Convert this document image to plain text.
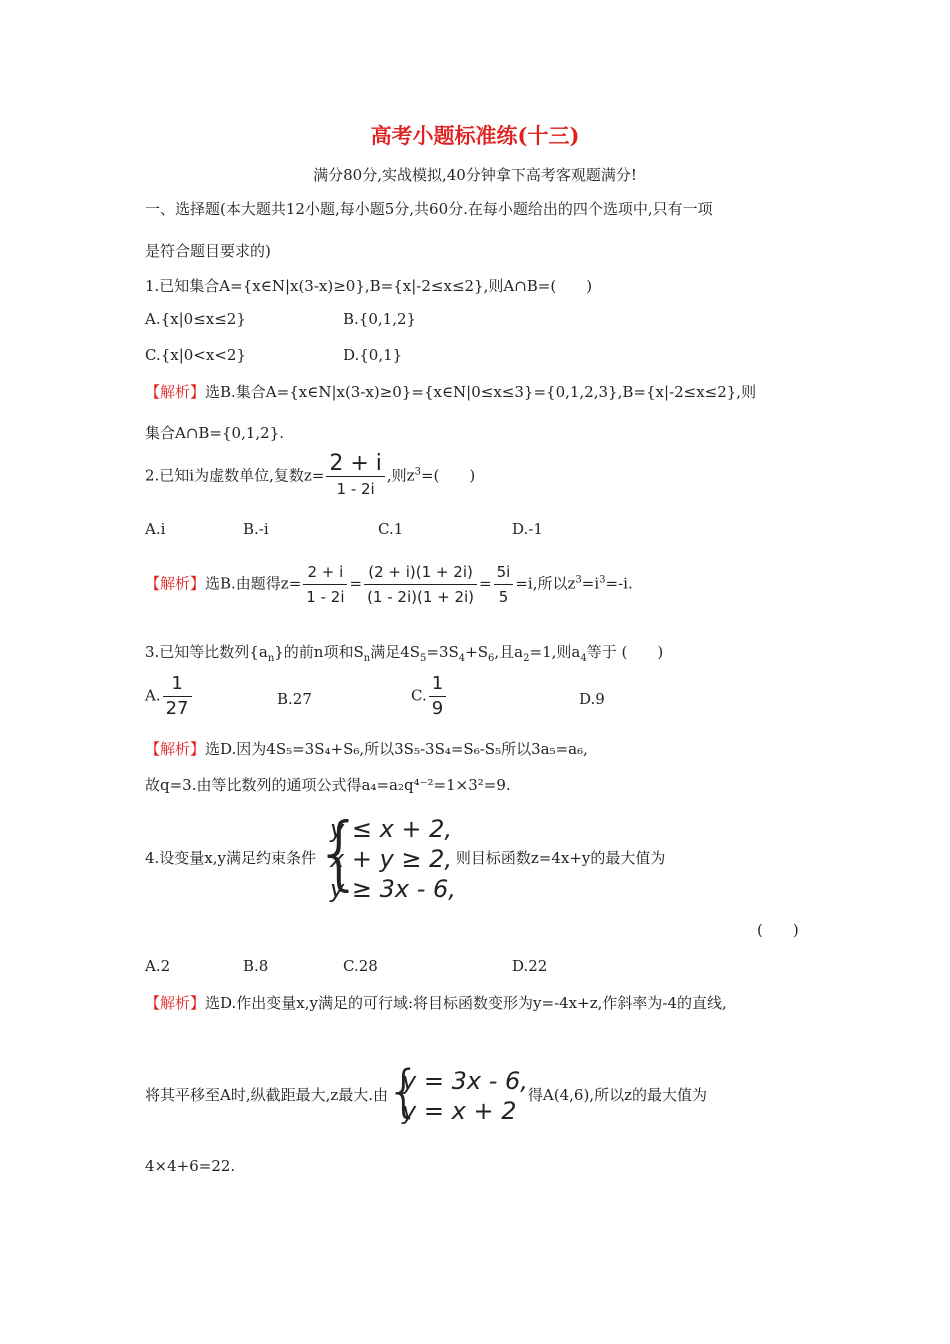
高考小题标准练(十三)
满分80分,实战模拟,40分钟拿下高考客观题满分!
一、选择题(本大题共12小题,每小题5分,共60分.在每小题给出的四个选项中,只有一项
是符合题目要求的)
1.已知集合A={x∈N|x(3-x)≥0},B={x|-2≤x≤2},则A∩B=(　　)
A.{x|0≤x≤2}	B.{0,1,2}
C.{x|0<x<2}	D.{0,1}
【解析】选B.集合A={x∈N|x(3-x)≥0}={x∈N|0≤x≤3}={0,1,2,3},B={x|-2≤x≤2},则
集合A∩B={0,1,2}.
2.已知i为虚数单位,复数$z= \frac{2 + i}{1 - 2i}$ ,则$z^3=$(　　)
A.i	B.-i	C.1	D.-1
【解析】选B.由题得$z= \frac{2 + i}{1 - 2i} = \frac{(2 + i)(1 + 2i)}{(1 - 2i)(1 + 2i)} = \frac{5i}{5} =i$,所以$z^3=i^3=-i$.
3.已知等比数列$\{a_n\}$的前n项和$S_n$满足$4S_5=3S_4+S_6$,且$a_2=1$,则$a_4$等于 (　　)
A. $\frac{1}{27}$	B.27	C. $\frac{1}{9}$	D.9
【解析】选D.因为4S₅=3S₄+S₆,所以3S₅-3S₄=S₆-S₅所以3a₅=a₆,
故q=3.由等比数列的通项公式得a₄=a₂q⁴⁻²=1×3²=9.
4.设变量x,y满足约束条件
{
y ≤ x + 2,
x + y ≥ 2,
y ≥ 3x - 6,
则目标函数z=4x+y的最大值为
(　　)
A.2	B.8	C.28	D.22
【解析】选D.作出变量x,y满足的可行域:将目标函数变形为y=-4x+z,作斜率为-4的直线,
将其平移至A时,纵截距最大,z最大.由
{
y = 3x - 6,
y = x + 2
得A(4,6),所以z的最大值为
4×4+6=22.
